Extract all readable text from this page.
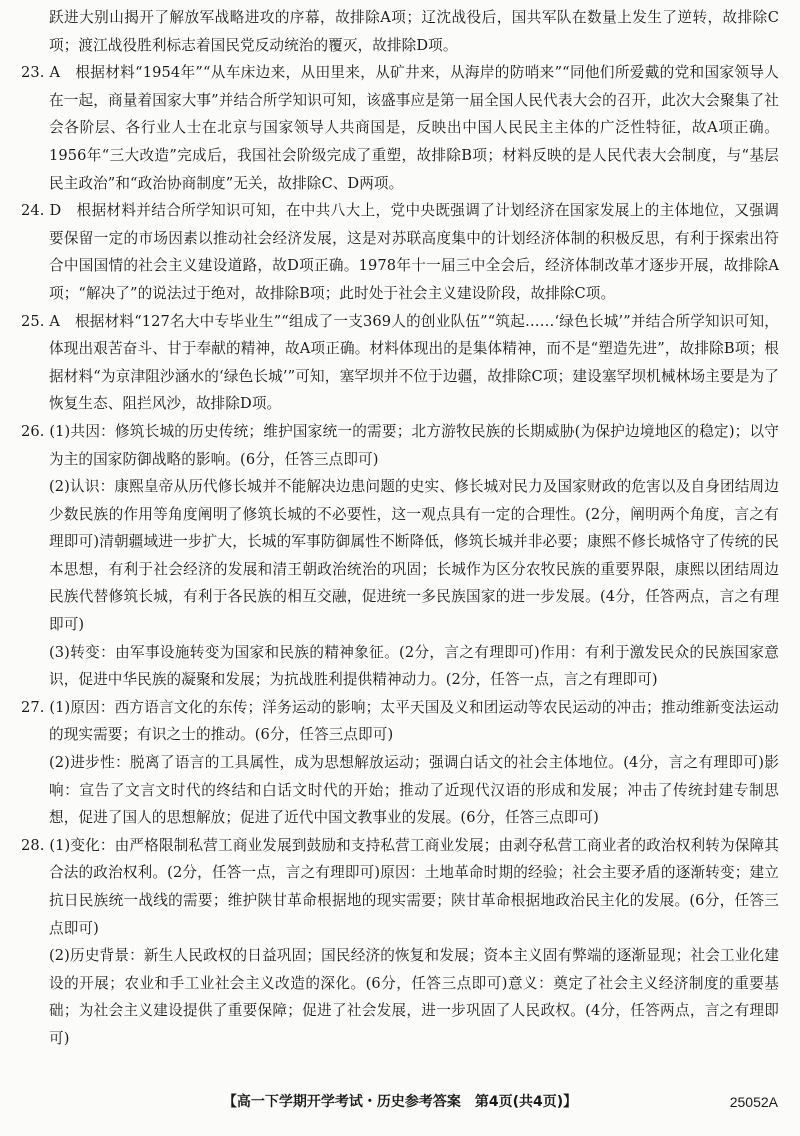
跃进大别山揭开了解放军战略进攻的序幕，故排除A项；辽沈战役后，国共军队在数量上发生了逆转，故排除C项；渡江战役胜利标志着国民党反动统治的覆灭，故排除D项。

23. A　根据材料“1954年”“从车床边来，从田里来，从矿井来，从海岸的防哨来”“同他们所爱戴的党和国家领导人在一起，商量着国家大事”并结合所学知识可知，该盛事应是第一届全国人民代表大会的召开，此次大会聚集了社会各阶层、各行业人士在北京与国家领导人共商国是，反映出中国人民民主主体的广泛性特征，故A项正确。1956年“三大改造”完成后，我国社会阶级完成了重塑，故排除B项；材料反映的是人民代表大会制度，与“基层民主政治”和“政治协商制度”无关，故排除C、D两项。

24. D　根据材料并结合所学知识可知，在中共八大上，党中央既强调了计划经济在国家发展上的主体地位，又强调要保留一定的市场因素以推动社会经济发展，这是对苏联高度集中的计划经济体制的积极反思，有利于探索出符合中国国情的社会主义建设道路，故D项正确。1978年十一届三中全会后，经济体制改革才逐步开展，故排除A项；“解决了”的说法过于绝对，故排除B项；此时处于社会主义建设阶段，故排除C项。

25. A　根据材料“127名大中专毕业生”“组成了一支369人的创业队伍”“筑起……‘绿色长城’”并结合所学知识可知，体现出艰苦奋斗、甘于奉献的精神，故A项正确。材料体现出的是集体精神，而不是“塑造先进”，故排除B项；根据材料“为京津阻沙涵水的‘绿色长城’”可知，塞罕坝并不位于边疆，故排除C项；建设塞罕坝机械林场主要是为了恢复生态、阻拦风沙，故排除D项。

26. (1)共因：修筑长城的历史传统；维护国家统一的需要；北方游牧民族的长期威胁(为保护边境地区的稳定)；以守为主的国家防御战略的影响。(6分，任答三点即可)

(2)认识：康熙皇帝从历代修长城并不能解决边患问题的史实、修长城对民力及国家财政的危害以及自身团结周边少数民族的作用等角度阐明了修筑长城的不必要性，这一观点具有一定的合理性。(2分，阐明两个角度，言之有理即可)清朝疆域进一步扩大，长城的军事防御属性不断降低，修筑长城并非必要；康熙不修长城恪守了传统的民本思想，有利于社会经济的发展和清王朝政治统治的巩固；长城作为区分农牧民族的重要界限，康熙以团结周边民族代替修筑长城，有利于各民族的相互交融，促进统一多民族国家的进一步发展。(4分，任答两点，言之有理即可)

(3)转变：由军事设施转变为国家和民族的精神象征。(2分，言之有理即可)作用：有利于激发民众的民族国家意识，促进中华民族的凝聚和发展；为抗战胜利提供精神动力。(2分，任答一点，言之有理即可)

27. (1)原因：西方语言文化的东传；洋务运动的影响；太平天国及义和团运动等农民运动的冲击；推动维新变法运动的现实需要；有识之士的推动。(6分，任答三点即可)

(2)进步性：脱离了语言的工具属性，成为思想解放运动；强调白话文的社会主体地位。(4分，言之有理即可)影响：宣告了文言文时代的终结和白话文时代的开始；推动了近现代汉语的形成和发展；冲击了传统封建专制思想，促进了国人的思想解放；促进了近代中国文教事业的发展。(6分，任答三点即可)

28. (1)变化：由严格限制私营工商业发展到鼓励和支持私营工商业发展；由剥夺私营工商业者的政治权利转为保障其合法的政治权利。(2分，任答一点，言之有理即可)原因：土地革命时期的经验；社会主要矛盾的逐渐转变；建立抗日民族统一战线的需要；维护陕甘革命根据地的现实需要；陕甘革命根据地政治民主化的发展。(6分，任答三点即可)

(2)历史背景：新生人民政权的日益巩固；国民经济的恢复和发展；资本主义固有弊端的逐渐显现；社会工业化建设的开展；农业和手工业社会主义改造的深化。(6分，任答三点即可)意义：奠定了社会主义经济制度的重要基础；为社会主义建设提供了重要保障；促进了社会发展，进一步巩固了人民政权。(4分，任答两点，言之有理即可)

【高一下学期开学考试・历史参考答案　第4页(共4页)】	25052A
